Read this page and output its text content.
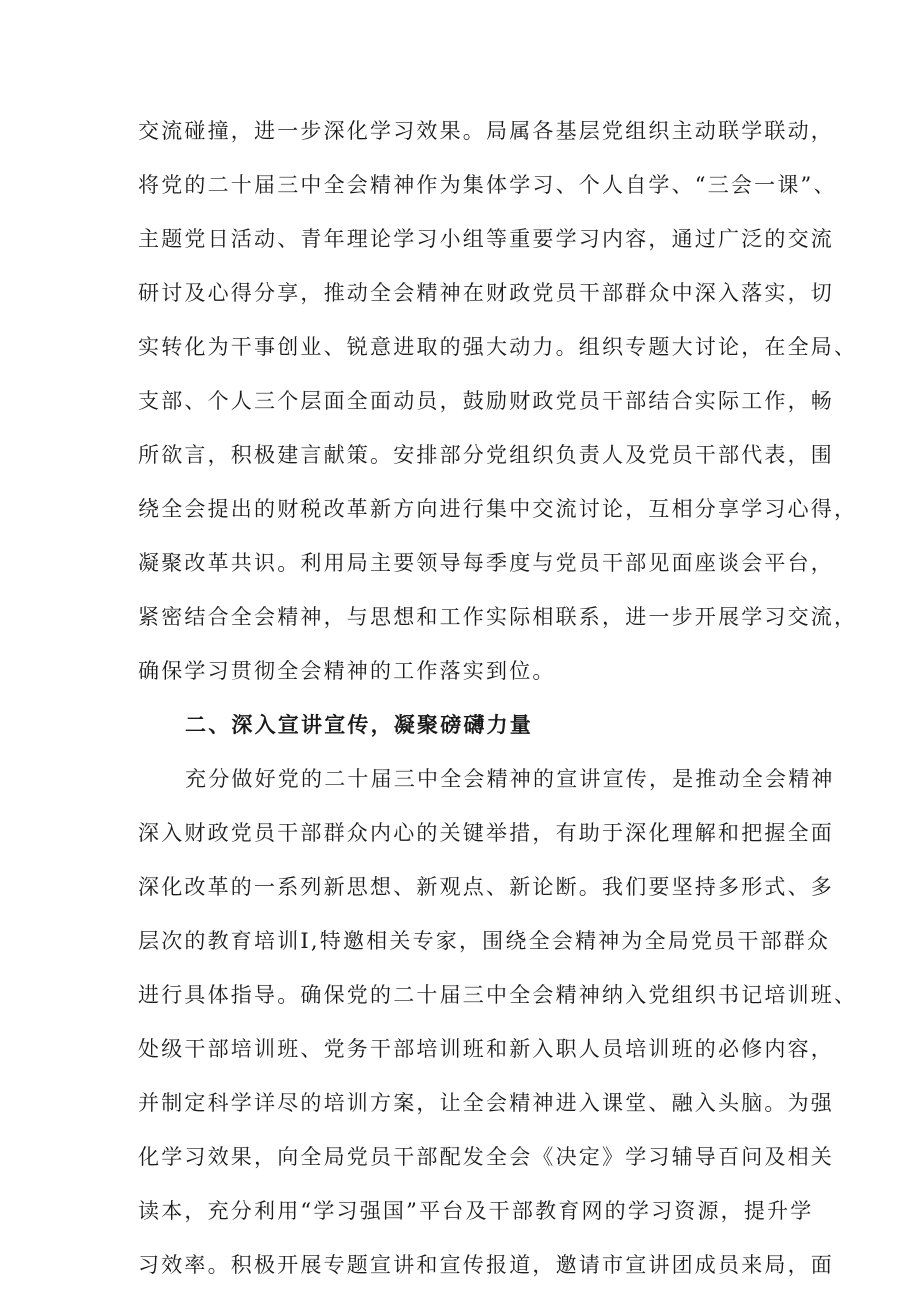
交流碰撞，进一步深化学习效果。局属各基层党组织主动联学联动，
将党的二十届三中全会精神作为集体学习、个人自学、“三会一课”、
主题党日活动、青年理论学习小组等重要学习内容，通过广泛的交流
研讨及心得分享，推动全会精神在财政党员干部群众中深入落实，切
实转化为干事创业、锐意进取的强大动力。组织专题大讨论，在全局、
支部、个人三个层面全面动员，鼓励财政党员干部结合实际工作，畅
所欲言，积极建言献策。安排部分党组织负责人及党员干部代表，围
绕全会提出的财税改革新方向进行集中交流讨论，互相分享学习心得，
凝聚改革共识。利用局主要领导每季度与党员干部见面座谈会平台，
紧密结合全会精神，与思想和工作实际相联系，进一步开展学习交流，
确保学习贯彻全会精神的工作落实到位。
二、深入宣讲宣传，凝聚磅礴力量
充分做好党的二十届三中全会精神的宣讲宣传，是推动全会精神
深入财政党员干部群众内心的关键举措，有助于深化理解和把握全面
深化改革的一系列新思想、新观点、新论断。我们要坚持多形式、多
层次的教育培训I,特邀相关专家，围绕全会精神为全局党员干部群众
进行具体指导。确保党的二十届三中全会精神纳入党组织书记培训班、
处级干部培训班、党务干部培训班和新入职人员培训班的必修内容，
并制定科学详尽的培训方案，让全会精神进入课堂、融入头脑。为强
化学习效果，向全局党员干部配发全会《决定》学习辅导百问及相关
读本，充分利用“学习强国”平台及干部教育网的学习资源，提升学
习效率。积极开展专题宣讲和宣传报道，邀请市宣讲团成员来局，面
